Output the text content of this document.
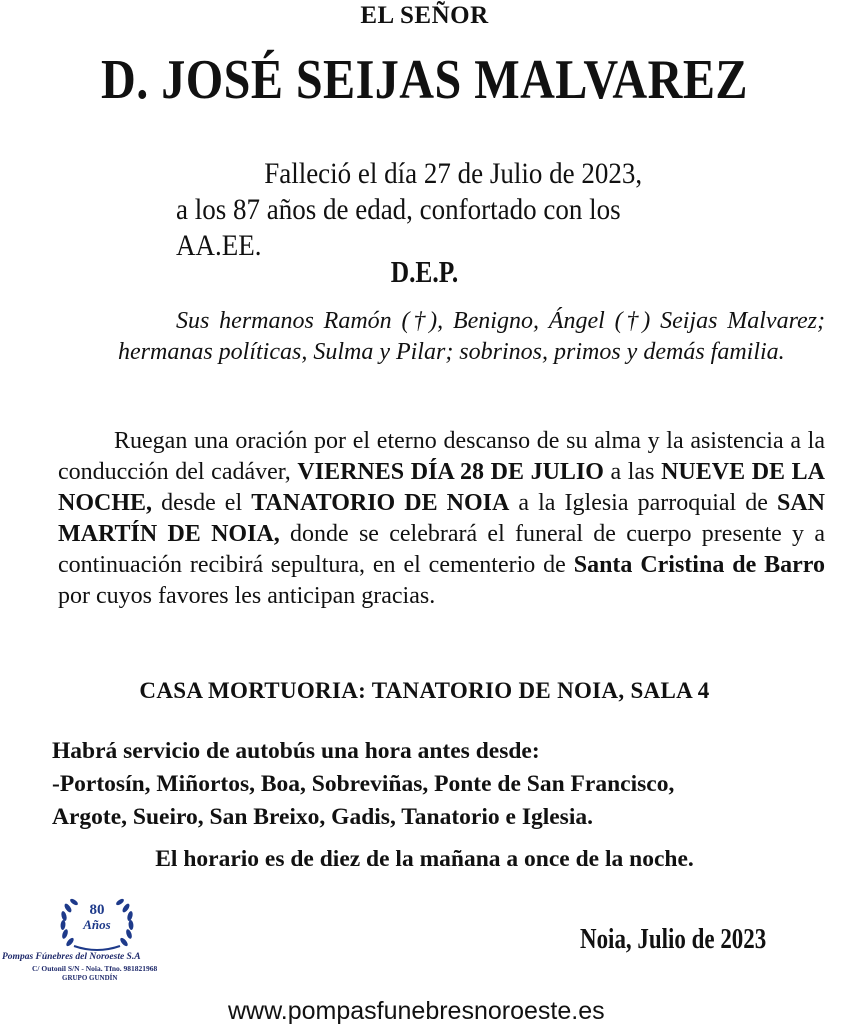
EL SEÑOR
D. JOSÉ SEIJAS MALVAREZ
Falleció el día 27 de Julio de 2023,
a los 87 años de edad, confortado con los AA.EE.
D.E.P.
Sus hermanos Ramón (†), Benigno, Ángel (†) Seijas Malvarez; hermanas políticas, Sulma y Pilar; sobrinos, primos y demás familia.
Ruegan una oración por el eterno descanso de su alma y la asistencia a la conducción del cadáver, VIERNES DÍA 28 DE JULIO a las NUEVE DE LA NOCHE, desde el TANATORIO DE NOIA a la Iglesia parroquial de SAN MARTÍN DE NOIA, donde se celebrará el funeral de cuerpo presente y a continuación recibirá sepultura, en el cementerio de Santa Cristina de Barro por cuyos favores les anticipan gracias.
CASA MORTUORIA: TANATORIO DE NOIA, SALA 4
Habrá servicio de autobús una hora antes desde:
-Portosín, Miñortos, Boa, Sobreviñas, Ponte de San Francisco,
Argote, Sueiro, San Breixo, Gadis, Tanatorio e Iglesia.
El horario es de diez de la mañana a once de la noche.
80
Años
Pompas Fúnebres del Noroeste S.A
C/ Outonil S/N - Noia. Tfno. 981821968
GRUPO GUNDÍN
Noia, Julio de 2023
www.pompasfunebresnoroeste.es
